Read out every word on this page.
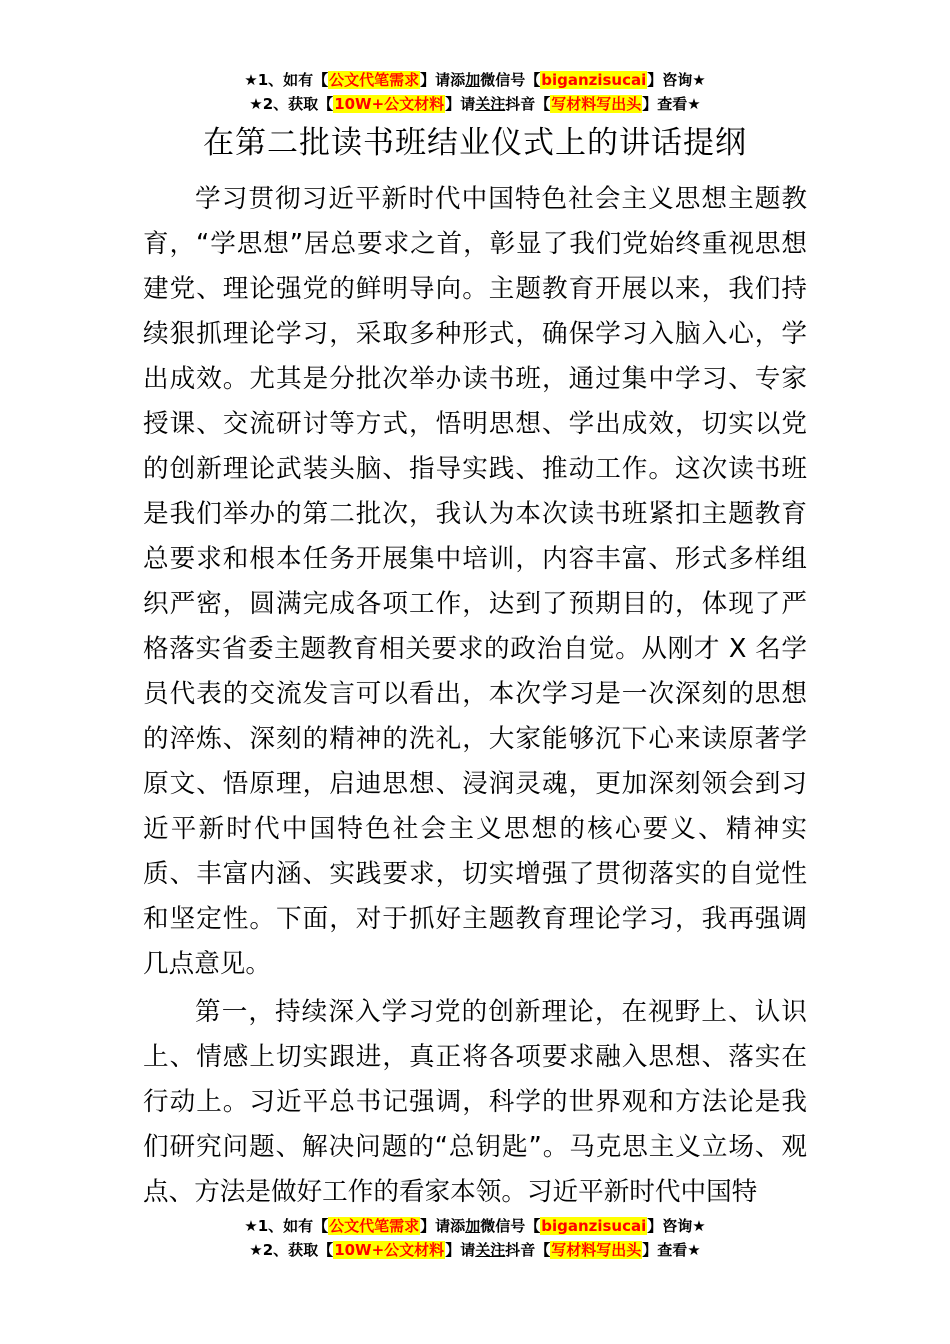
★1、如有【公文代笔需求】请添加微信号【biganzisucai】咨询★
★2、获取【10W+公文材料】请关注抖音【写材料写出头】查看★
在第二批读书班结业仪式上的讲话提纲

学习贯彻习近平新时代中国特色社会主义思想主题教育，“学思想”居总要求之首，彰显了我们党始终重视思想建党、理论强党的鲜明导向。主题教育开展以来，我们持续狠抓理论学习，采取多种形式，确保学习入脑入心，学出成效。尤其是分批次举办读书班，通过集中学习、专家授课、交流研讨等方式，悟明思想、学出成效，切实以党的创新理论武装头脑、指导实践、推动工作。这次读书班是我们举办的第二批次，我认为本次读书班紧扣主题教育总要求和根本任务开展集中培训，内容丰富、形式多样组织严密，圆满完成各项工作，达到了预期目的，体现了严格落实省委主题教育相关要求的政治自觉。从刚才 X 名学员代表的交流发言可以看出，本次学习是一次深刻的思想的淬炼、深刻的精神的洗礼，大家能够沉下心来读原著学原文、悟原理，启迪思想、浸润灵魂，更加深刻领会到习近平新时代中国特色社会主义思想的核心要义、精神实质、丰富内涵、实践要求，切实增强了贯彻落实的自觉性和坚定性。下面，对于抓好主题教育理论学习，我再强调几点意见。

第一，持续深入学习党的创新理论，在视野上、认识上、情感上切实跟进，真正将各项要求融入思想、落实在行动上。习近平总书记强调，科学的世界观和方法论是我们研究问题、解决问题的“总钥匙”。马克思主义立场、观点、方法是做好工作的看家本领。习近平新时代中国特

★1、如有【公文代笔需求】请添加微信号【biganzisucai】咨询★
★2、获取【10W+公文材料】请关注抖音【写材料写出头】查看★
